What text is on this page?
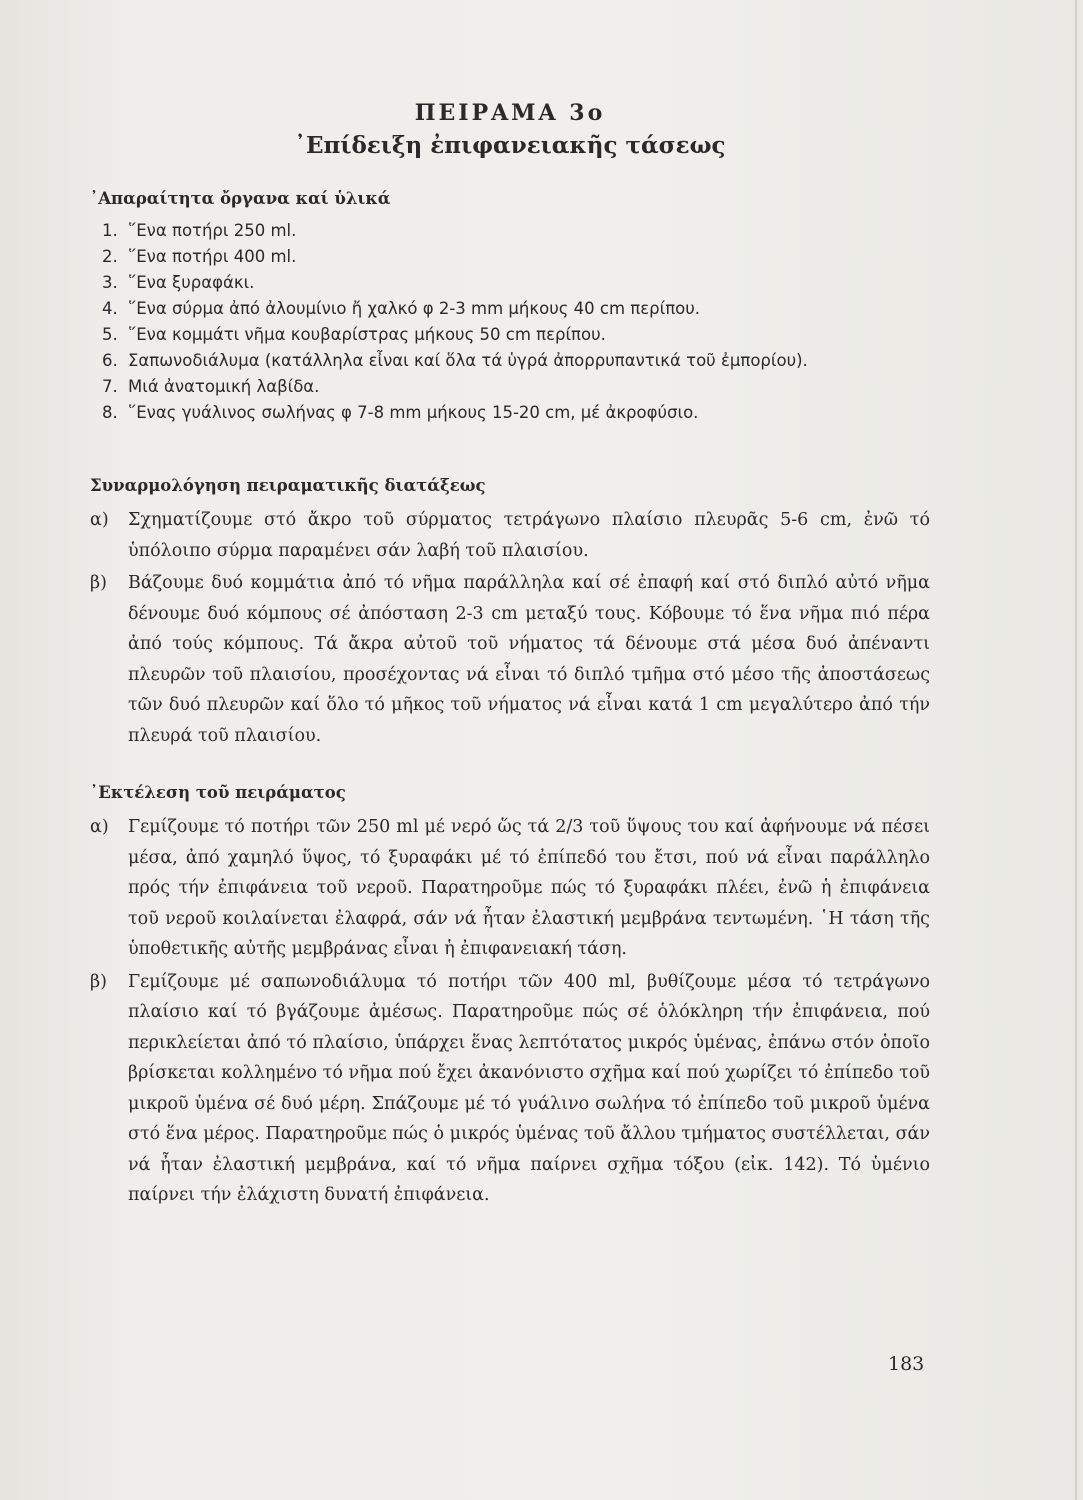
ΠΕΙΡΑΜΑ 3ο
᾿Επίδειξη ἐπιφανειακῆς τάσεως
᾿Απαραίτητα ὄργανα καί ὑλικά
1. ῞Ενα ποτήρι 250 ml.
2. ῞Ενα ποτήρι 400 ml.
3. ῞Ενα ξυραφάκι.
4. ῞Ενα σύρμα ἀπό ἀλουμίνιο ἤ χαλκό φ 2-3 mm μήκους 40 cm περίπου.
5. ῞Ενα κομμάτι νῆμα κουβαρίστρας μήκους 50 cm περίπου.
6. Σαπωνοδιάλυμα (κατάλληλα εἶναι καί ὅλα τά ὑγρά ἀπορρυπαντικά τοῦ ἐμπορίου).
7. Μιά ἀνατομική λαβίδα.
8. ῞Ενας γυάλινος σωλήνας φ 7-8 mm μήκους 15-20 cm, μέ ἀκροφύσιο.
Συναρμολόγηση πειραματικῆς διατάξεως
α)	Σχηματίζουμε στό ἄκρο τοῦ σύρματος τετράγωνο πλαίσιο πλευρᾶς 5-6 cm, ἐνῶ τό ὑπόλοιπο σύρμα παραμένει σάν λαβή τοῦ πλαισίου.
β)	Βάζουμε δυό κομμάτια ἀπό τό νῆμα παράλληλα καί σέ ἐπαφή καί στό διπλό αὐτό νῆμα δένουμε δυό κόμπους σέ ἀπόσταση 2-3 cm μεταξύ τους. Κόβουμε τό ἕνα νῆμα πιό πέρα ἀπό τούς κόμπους. Τά ἄκρα αὐτοῦ τοῦ νήματος τά δένουμε στά μέσα δυό ἀπέναντι πλευρῶν τοῦ πλαισίου, προσέχοντας νά εἶναι τό διπλό τμῆμα στό μέσο τῆς ἀποστάσεως τῶν δυό πλευρῶν καί ὅλο τό μῆκος τοῦ νήματος νά εἶναι κατά 1 cm μεγαλύτερο ἀπό τήν πλευρά τοῦ πλαισίου.
᾿Εκτέλεση τοῦ πειράματος
α)	Γεμίζουμε τό ποτήρι τῶν 250 ml μέ νερό ὥς τά 2/3 τοῦ ὕψους του καί ἀφήνουμε νά πέσει μέσα, ἀπό χαμηλό ὕψος, τό ξυραφάκι μέ τό ἐπίπεδό του ἔτσι, πού νά εἶναι παράλληλο πρός τήν ἐπιφάνεια τοῦ νεροῦ. Παρατηροῦμε πώς τό ξυραφάκι πλέει, ἐνῶ ἡ ἐπιφάνεια τοῦ νεροῦ κοιλαίνεται ἐλαφρά, σάν νά ἦταν ἐλαστική μεμβράνα τεντωμένη. ῾Η τάση τῆς ὑποθετικῆς αὐτῆς μεμβράνας εἶναι ἡ ἐπιφανειακή τάση.
β)	Γεμίζουμε μέ σαπωνοδιάλυμα τό ποτήρι τῶν 400 ml, βυθίζουμε μέσα τό τετράγωνο πλαίσιο καί τό βγάζουμε ἀμέσως. Παρατηροῦμε πώς σέ ὁλόκληρη τήν ἐπιφάνεια, πού περικλείεται ἀπό τό πλαίσιο, ὑπάρχει ἕνας λεπτότατος μικρός ὑμένας, ἐπάνω στόν ὁποῖο βρίσκεται κολλημένο τό νῆμα πού ἔχει ἀκανόνιστο σχῆμα καί πού χωρίζει τό ἐπίπεδο τοῦ μικροῦ ὑμένα σέ δυό μέρη. Σπάζουμε μέ τό γυάλινο σωλήνα τό ἐπίπεδο τοῦ μικροῦ ὑμένα στό ἕνα μέρος. Παρατηροῦμε πώς ὁ μικρός ὑμένας τοῦ ἄλλου τμήματος συστέλλεται, σάν νά ἦταν ἐλαστική μεμβράνα, καί τό νῆμα παίρνει σχῆμα τόξου (εἰκ. 142). Τό ὑμένιο παίρνει τήν ἐλάχιστη δυνατή ἐπιφάνεια.
183
